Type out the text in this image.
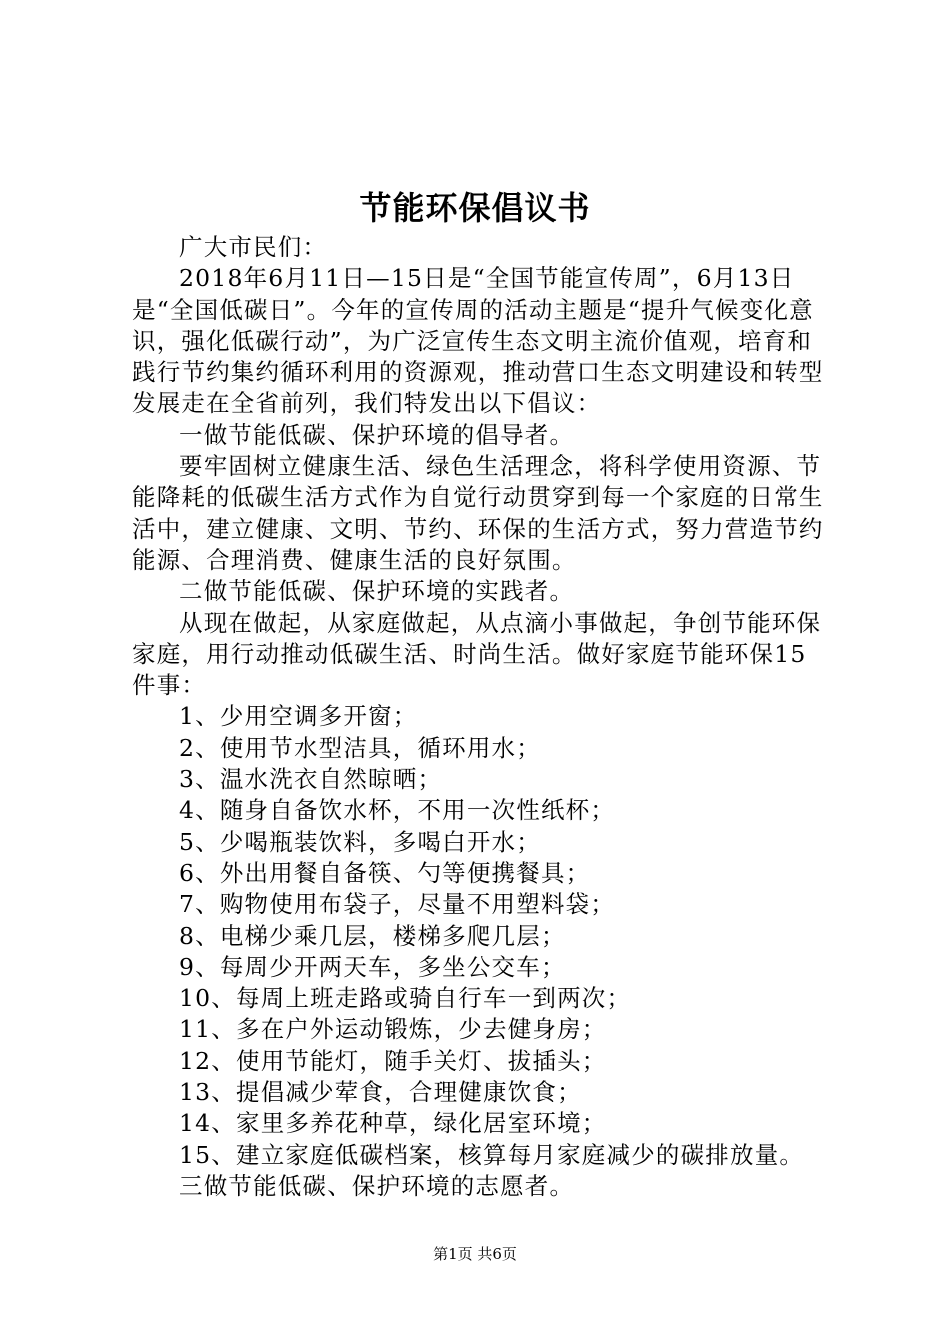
节能环保倡议书

广大市民们：

2018年6月11日—15日是“全国节能宣传周”，6月13日是“全国低碳日”。今年的宣传周的活动主题是“提升气候变化意识，强化低碳行动”，为广泛宣传生态文明主流价值观，培育和践行节约集约循环利用的资源观，推动营口生态文明建设和转型发展走在全省前列，我们特发出以下倡议：

一做节能低碳、保护环境的倡导者。

要牢固树立健康生活、绿色生活理念，将科学使用资源、节能降耗的低碳生活方式作为自觉行动贯穿到每一个家庭的日常生活中，建立健康、文明、节约、环保的生活方式，努力营造节约能源、合理消费、健康生活的良好氛围。

二做节能低碳、保护环境的实践者。

从现在做起，从家庭做起，从点滴小事做起，争创节能环保家庭，用行动推动低碳生活、时尚生活。做好家庭节能环保15件事：

1、少用空调多开窗；

2、使用节水型洁具，循环用水；

3、温水洗衣自然晾晒；

4、随身自备饮水杯，不用一次性纸杯；

5、少喝瓶装饮料，多喝白开水；

6、外出用餐自备筷、勺等便携餐具；

7、购物使用布袋子，尽量不用塑料袋；

8、电梯少乘几层，楼梯多爬几层；

9、每周少开两天车，多坐公交车；

10、每周上班走路或骑自行车一到两次；

11、多在户外运动锻炼，少去健身房；

12、使用节能灯，随手关灯、拔插头；

13、提倡减少荤食，合理健康饮食；

14、家里多养花种草，绿化居室环境；

15、建立家庭低碳档案，核算每月家庭减少的碳排放量。

三做节能低碳、保护环境的志愿者。

第1页 共6页
